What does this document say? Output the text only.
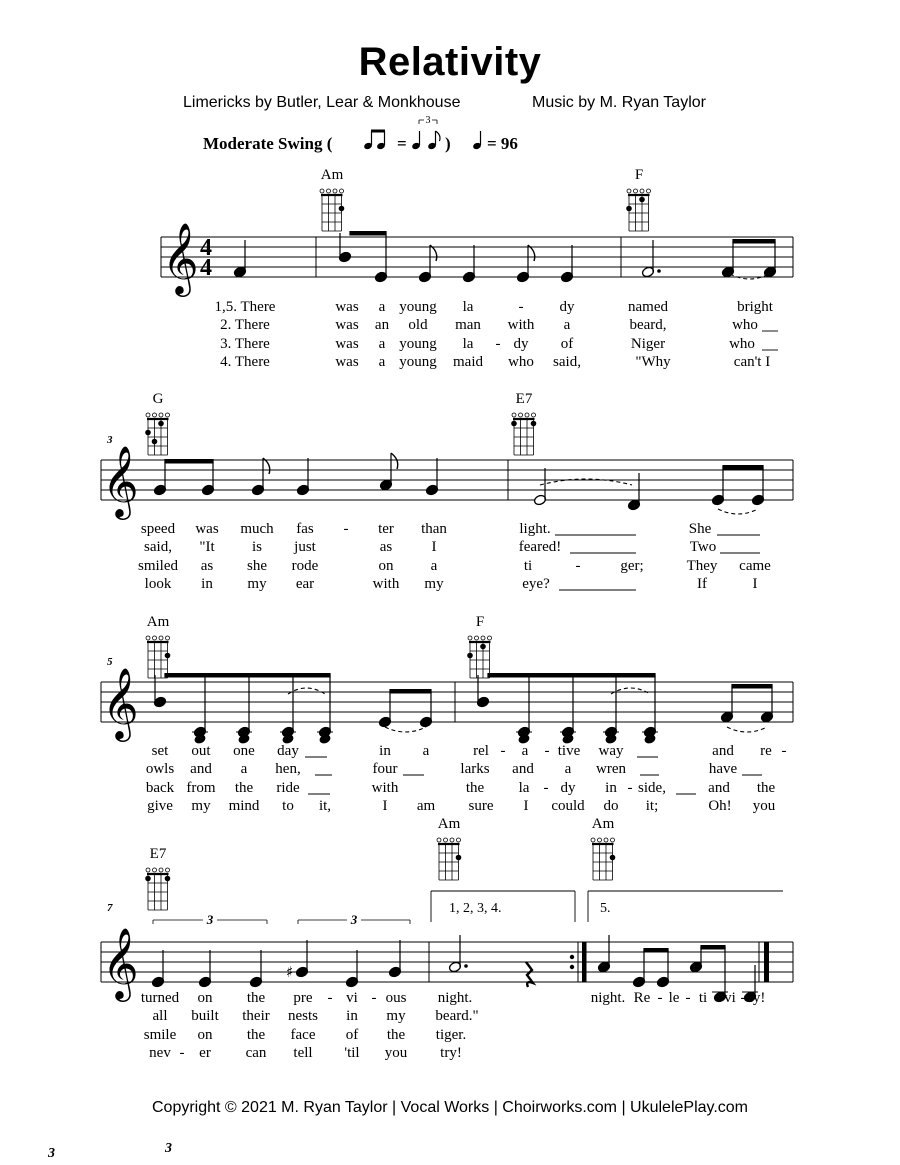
Relativity
Limericks by Butler, Lear & Monkhouse	Music by M. Ryan Taylor
Moderate Swing (	=
3
) = 96
𝄞 4
4
Am	F
1,5. There	was a young la	- dy	named	bright
2. There	was an old man with a	beard,	who
3. There	was a young la - dy of	Niger	who
4. There	was a young maid who said,	"Why	can't I
𝄞
3
G	E7
speed was much fas - ter than	light.	She
said, "It is just	as	I	feared!	Two
smiled as she rode	on a	ti	-	ger;	They came
look in my ear	with my	eye?	If	I
𝄞
5
Am	F
set out one day	in a	rel - a - tive way	and re -
owls and a hen,	four	larks and a wren	have
back from the ride	with	the la - dy in - side,	and the
give my mind to it,	I am sure I could do it;	Oh! you
𝄞
7
E7
Am	Am
1, 2, 3, 4.	5.
3	3
♯
turned on the pre - vi - ous night.	night. Re - le - ti - vi - ty!
all built their nests in my beard."
smile on the face of the tiger.
nev - er can tell 'til you try!
Copyright © 2021 M. Ryan Taylor | Vocal Works | Choirworks.com | UkulelePlay.com
3	3
